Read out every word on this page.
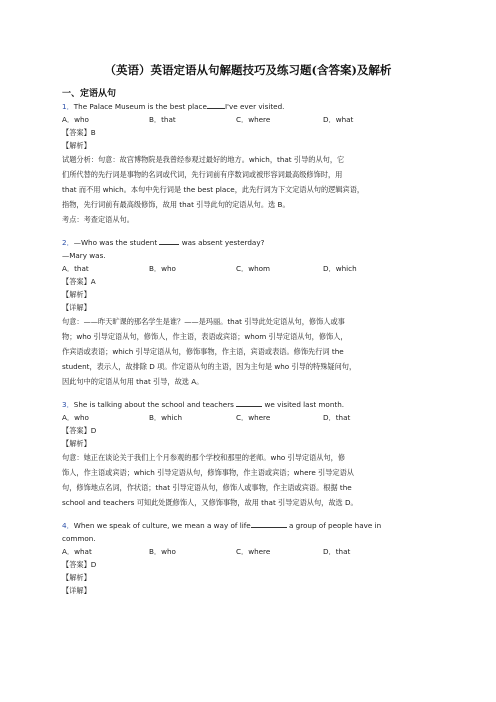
（英语）英语定语从句解题技巧及练习题(含答案)及解析
一、定语从句
1．The Palace Museum is the best place	I've ever visited.
A．who	B．that	C．where	D．what
【答案】B
【解析】
试题分析：句意：故宫博物院是我曾经参观过最好的地方。which，that 引导的从句，它
们所代替的先行词是事物的名词或代词，先行词前有序数词或被形容词最高级修饰时，用
that 而不用 which。本句中先行词是 the best place，此先行词为下文定语从句的逻辑宾语，
指物，先行词前有最高级修饰，故用 that 引导此句的定语从句。选 B。
考点：考查定语从句。
2．—Who was the student	was absent yesterday?
—Mary was.
A．that	B．who	C．whom	D．which
【答案】A
【解析】
【详解】
句意：——昨天旷课的那名学生是谁？——是玛丽。that 引导此处定语从句，修饰人或事
物；who 引导定语从句，修饰人，作主语，表语或宾语；whom 引导定语从句，修饰人，
作宾语或表语；which 引导定语从句，修饰事物，作主语，宾语或表语。修饰先行词 the
student，表示人，故排除 D 项。作定语从句的主语，因为主句是 who 引导的特殊疑问句，
因此句中的定语从句用 that 引导，故选 A。
3．She is talking about the school and teachers	we visited last month.
A．who	B．which	C．where	D．that
【答案】D
【解析】
句意：她正在谈论关于我们上个月参观的那个学校和那里的老师。who 引导定语从句，修
饰人，作主语或宾语；which 引导定语从句，修饰事物，作主语或宾语；where 引导定语从
句，修饰地点名词，作状语；that 引导定语从句，修饰人或事物，作主语或宾语。根据 the
school and teachers 可知此处既修饰人，又修饰事物，故用 that 引导定语从句，故选 D。
4．When we speak of culture, we mean a way of life	a group of people have in
common.
A．what	B．who	C．where	D．that
【答案】D
【解析】
【详解】
